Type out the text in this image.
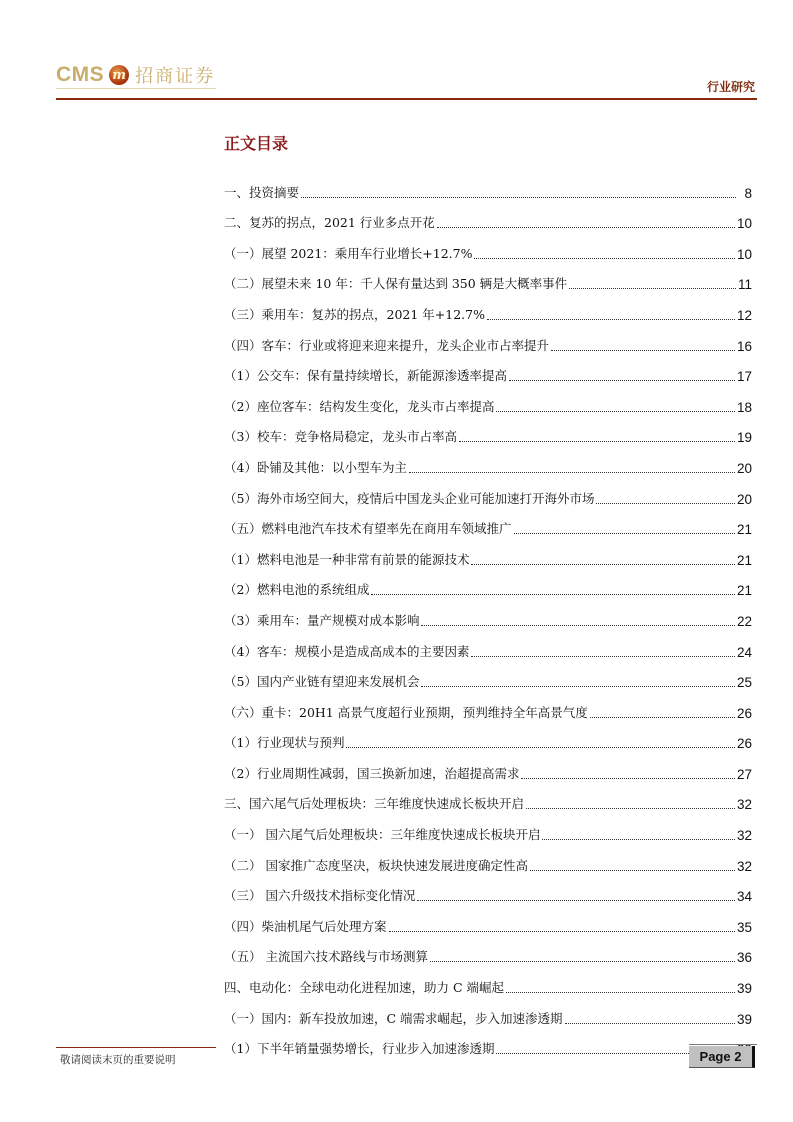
CMS m 招商证券	行业研究
正文目录
一、投资摘要	8
二、复苏的拐点，2021 行业多点开花	10
（一）展望 2021：乘用车行业增长+12.7%	10
（二）展望未来 10 年：千人保有量达到 350 辆是大概率事件	11
（三）乘用车：复苏的拐点，2021 年+12.7%	12
（四）客车：行业或将迎来迎来提升，龙头企业市占率提升	16
（1）公交车：保有量持续增长，新能源渗透率提高	17
（2）座位客车：结构发生变化，龙头市占率提高	18
（3）校车：竞争格局稳定，龙头市占率高	19
（4）卧铺及其他：以小型车为主	20
（5）海外市场空间大，疫情后中国龙头企业可能加速打开海外市场	20
（五）燃料电池汽车技术有望率先在商用车领域推广	21
（1）燃料电池是一种非常有前景的能源技术	21
（2）燃料电池的系统组成	21
（3）乘用车：量产规模对成本影响	22
（4）客车：规模小是造成高成本的主要因素	24
（5）国内产业链有望迎来发展机会	25
（六）重卡：20H1 高景气度超行业预期，预判维持全年高景气度	26
（1）行业现状与预判	26
（2）行业周期性减弱，国三换新加速，治超提高需求	27
三、国六尾气后处理板块：三年维度快速成长板块开启	32
（一） 国六尾气后处理板块：三年维度快速成长板块开启	32
（二） 国家推广态度坚决，板块快速发展进度确定性高	32
（三） 国六升级技术指标变化情况	34
（四）柴油机尾气后处理方案	35
（五） 主流国六技术路线与市场测算	36
四、电动化：全球电动化进程加速，助力 C 端崛起	39
（一）国内：新车投放加速，C 端需求崛起，步入加速渗透期	39
（1）下半年销量强势增长，行业步入加速渗透期
敬请阅读末页的重要说明	Page 2
